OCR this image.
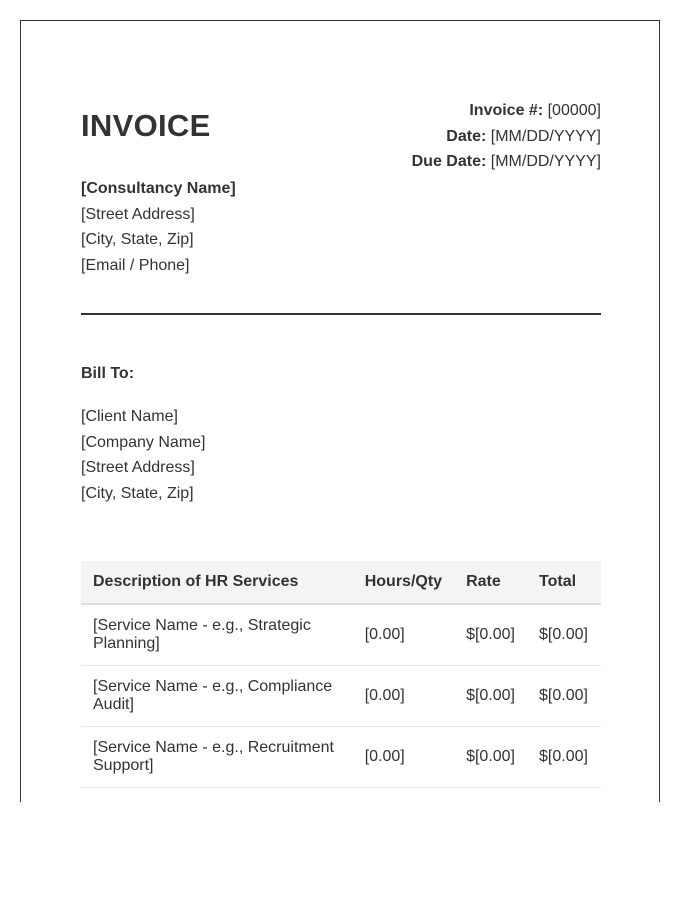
INVOICE	Invoice #: [00000]
Date: [MM/DD/YYYY]
Due Date: [MM/DD/YYYY]
[Consultancy Name]
[Street Address]
[City, State, Zip]
[Email / Phone]
Bill To:
[Client Name]
[Company Name]
[Street Address]
[City, State, Zip]
Description of HR Services	Hours/Qty	Rate	Total
[Service Name - e.g., Strategic Planning]	[0.00]	$[0.00]	$[0.00]
[Service Name - e.g., Compliance Audit]	[0.00]	$[0.00]	$[0.00]
[Service Name - e.g., Recruitment Support]	[0.00]	$[0.00]	$[0.00]
